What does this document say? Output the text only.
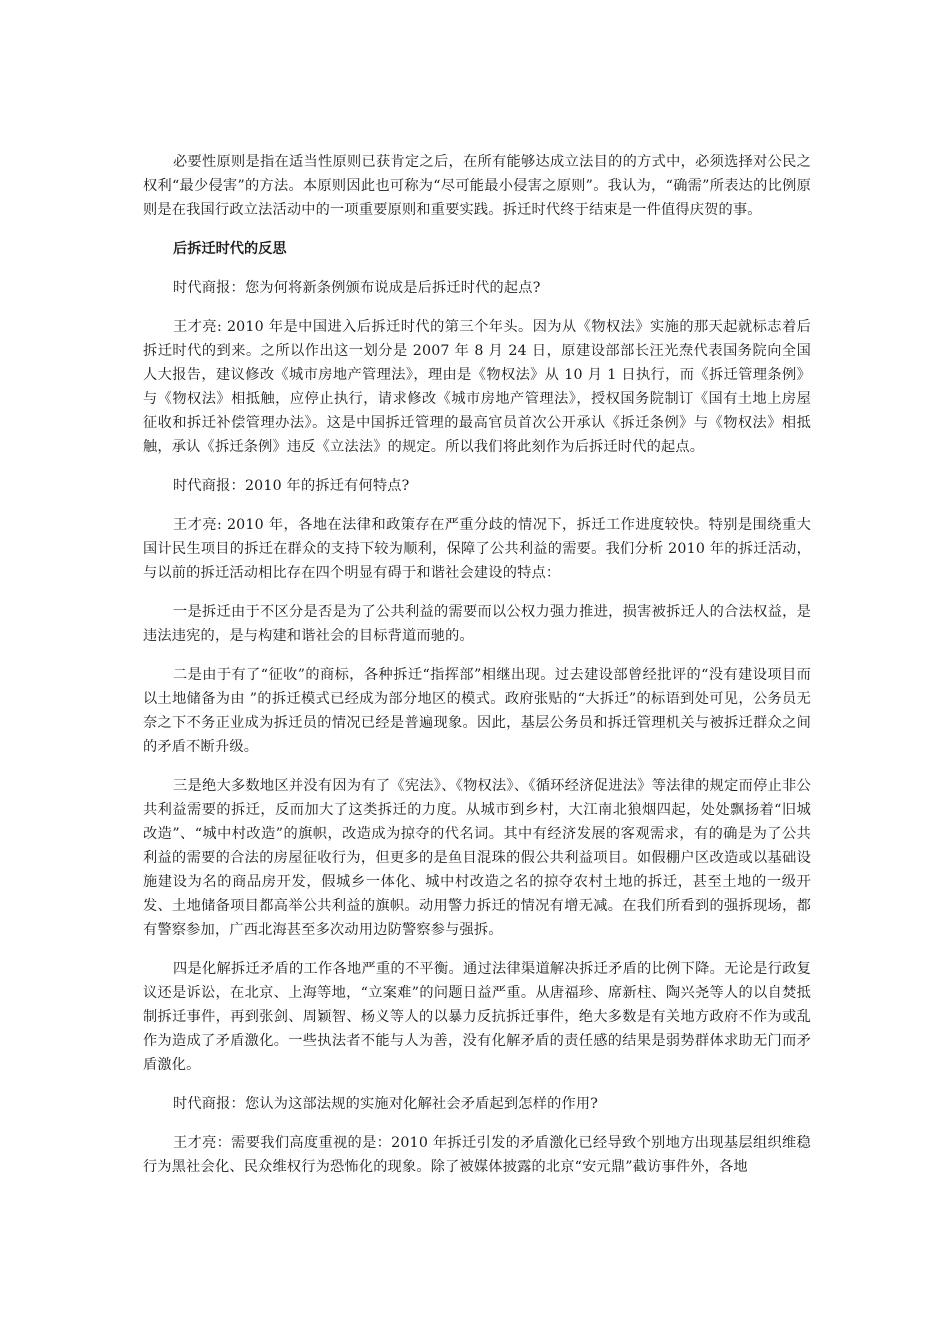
必要性原则是指在适当性原则已获肯定之后，在所有能够达成立法目的的方式中，必须选择对公民之权利“最少侵害”的方法。本原则因此也可称为“尽可能最小侵害之原则”。我认为，“确需”所表达的比例原则是在我国行政立法活动中的一项重要原则和重要实践。拆迁时代终于结束是一件值得庆贺的事。

后拆迁时代的反思

时代商报：您为何将新条例颁布说成是后拆迁时代的起点?

王才亮: 2010 年是中国进入后拆迁时代的第三个年头。因为从《物权法》实施的那天起就标志着后拆迁时代的到来。之所以作出这一划分是 2007 年 8 月 24 日，原建设部部长汪光焘代表国务院向全国人大报告，建议修改《城市房地产管理法》，理由是《物权法》从 10 月 1 日执行，而《拆迁管理条例》与《物权法》相抵触，应停止执行，请求修改《城市房地产管理法》，授权国务院制订《国有土地上房屋征收和拆迁补偿管理办法》。这是中国拆迁管理的最高官员首次公开承认《拆迁条例》与《物权法》相抵触，承认《拆迁条例》违反《立法法》的规定。所以我们将此刻作为后拆迁时代的起点。

时代商报：2010 年的拆迁有何特点?

王才亮: 2010 年，各地在法律和政策存在严重分歧的情况下，拆迁工作进度较快。特别是围绕重大国计民生项目的拆迁在群众的支持下较为顺利，保障了公共利益的需要。我们分析 2010 年的拆迁活动，与以前的拆迁活动相比存在四个明显有碍于和谐社会建设的特点：

一是拆迁由于不区分是否是为了公共利益的需要而以公权力强力推进，损害被拆迁人的合法权益，是违法违宪的，是与构建和谐社会的目标背道而驰的。

二是由于有了“征收”的商标，各种拆迁“指挥部”相继出现。过去建设部曾经批评的“没有建设项目而以土地储备为由 ”的拆迁模式已经成为部分地区的模式。政府张贴的“大拆迁”的标语到处可见，公务员无奈之下不务正业成为拆迁员的情况已经是普遍现象。因此，基层公务员和拆迁管理机关与被拆迁群众之间的矛盾不断升级。

三是绝大多数地区并没有因为有了《宪法》、《物权法》、《循环经济促进法》等法律的规定而停止非公共利益需要的拆迁，反而加大了这类拆迁的力度。从城市到乡村，大江南北狼烟四起，处处飘扬着“旧城改造”、“城中村改造”的旗帜，改造成为掠夺的代名词。其中有经济发展的客观需求，有的确是为了公共利益的需要的合法的房屋征收行为，但更多的是鱼目混珠的假公共利益项目。如假棚户区改造或以基础设施建设为名的商品房开发，假城乡一体化、城中村改造之名的掠夺农村土地的拆迁，甚至土地的一级开发、土地储备项目都高举公共利益的旗帜。动用警力拆迁的情况有增无减。在我们所看到的强拆现场，都有警察参加，广西北海甚至多次动用边防警察参与强拆。

四是化解拆迁矛盾的工作各地严重的不平衡。通过法律渠道解决拆迁矛盾的比例下降。无论是行政复议还是诉讼，在北京、上海等地，“立案难”的问题日益严重。从唐福珍、席新柱、陶兴尧等人的以自焚抵制拆迁事件，再到张剑、周颖智、杨义等人的以暴力反抗拆迁事件，绝大多数是有关地方政府不作为或乱作为造成了矛盾激化。一些执法者不能与人为善，没有化解矛盾的责任感的结果是弱势群体求助无门而矛盾激化。

时代商报：您认为这部法规的实施对化解社会矛盾起到怎样的作用?

王才亮：需要我们高度重视的是：2010 年拆迁引发的矛盾激化已经导致个别地方出现基层组织维稳行为黑社会化、民众维权行为恐怖化的现象。除了被媒体披露的北京“安元鼎”截访事件外，各地
